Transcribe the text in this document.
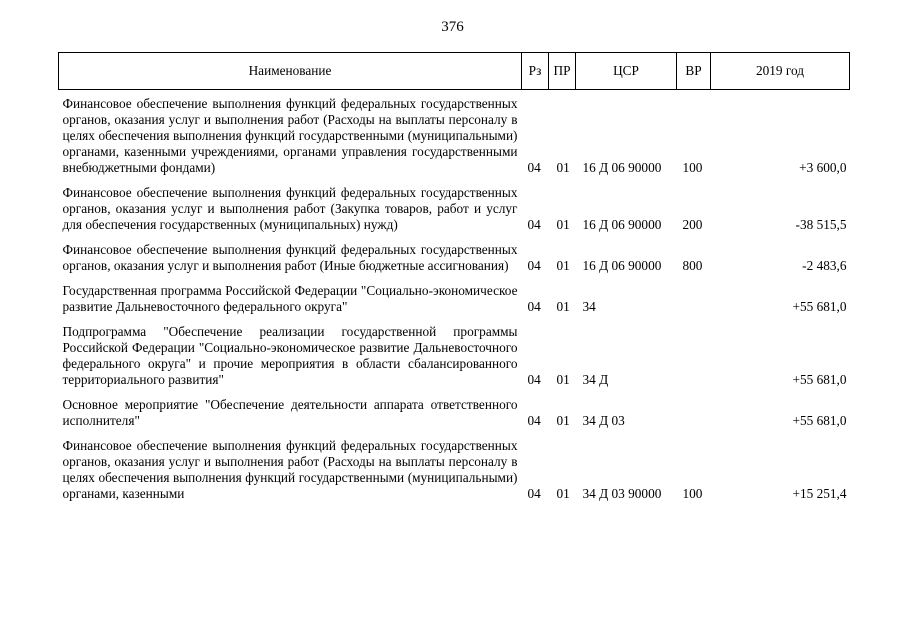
376
Наименование	Рз	ПР	ЦСР	ВР	2019 год
Финансовое обеспечение выполнения функций федеральных государственных органов, оказания услуг и выполнения работ (Расходы на выплаты персоналу в целях обеспечения выполнения функций государственными (муниципальными) органами, казенными учреждениями, органами управления государственными внебюджетными фондами)	04	01	16 Д 06 90000	100	+3 600,0
Финансовое обеспечение выполнения функций федеральных государственных органов, оказания услуг и выполнения работ (Закупка товаров, работ и услуг для обеспечения государственных (муниципальных) нужд)	04	01	16 Д 06 90000	200	-38 515,5
Финансовое обеспечение выполнения функций федеральных государственных органов, оказания услуг и выполнения работ (Иные бюджетные ассигнования)	04	01	16 Д 06 90000	800	-2 483,6
Государственная программа Российской Федерации "Социально-экономическое развитие Дальневосточного федерального округа"	04	01	34		+55 681,0
Подпрограмма "Обеспечение реализации государственной программы Российской Федерации "Социально-экономическое развитие Дальневосточного федерального округа" и прочие мероприятия в области сбалансированного территориального развития"	04	01	34 Д		+55 681,0
Основное мероприятие "Обеспечение деятельности аппарата ответственного исполнителя"	04	01	34 Д 03		+55 681,0
Финансовое обеспечение выполнения функций федеральных государственных органов, оказания услуг и выполнения работ (Расходы на выплаты персоналу в целях обеспечения выполнения функций государственными (муниципальными) органами, казенными	04	01	34 Д 03 90000	100	+15 251,4
